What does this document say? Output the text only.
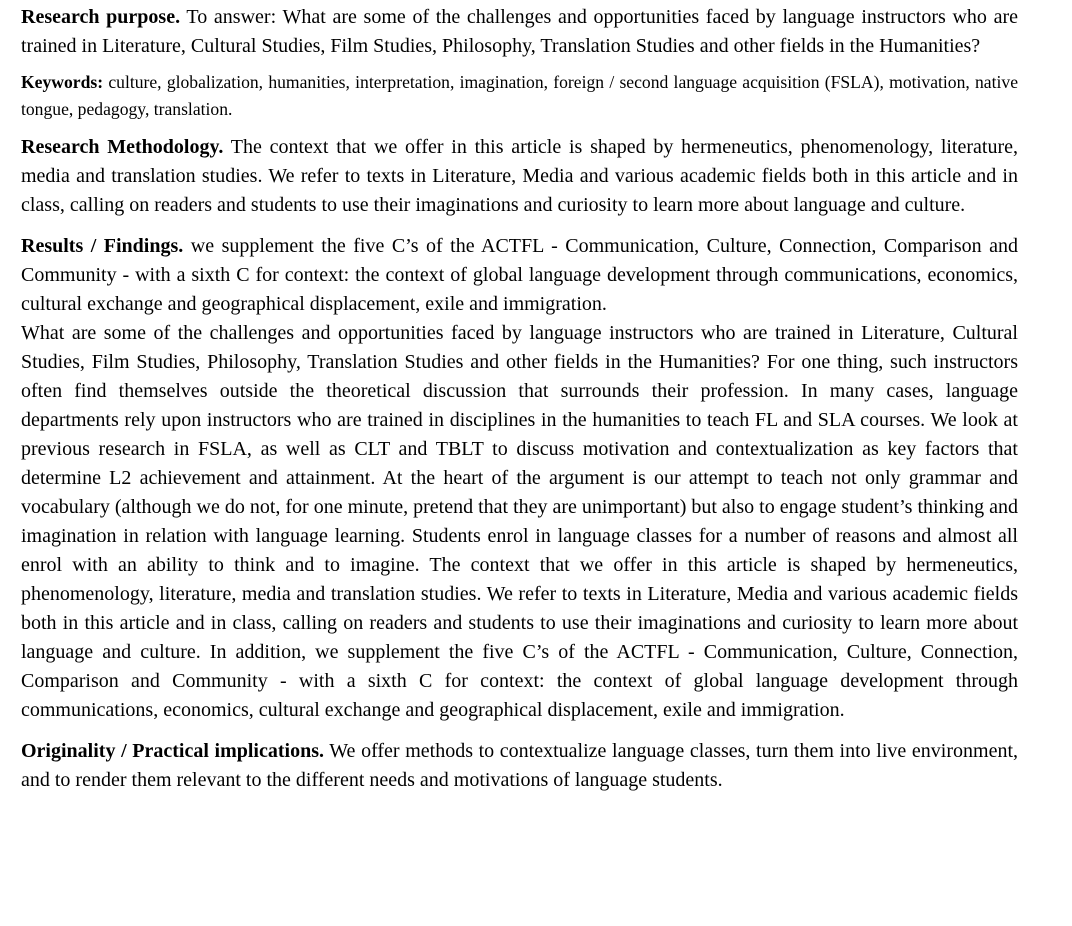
Research purpose. To answer: What are some of the challenges and opportunities faced by language instructors who are trained in Literature, Cultural Studies, Film Studies, Philosophy, Translation Studies and other fields in the Humanities?

Keywords: culture, globalization, humanities, interpretation, imagination, foreign / second language acquisition (FSLA), motivation, native tongue, pedagogy, translation.

Research Methodology. The context that we offer in this article is shaped by hermeneutics, phenomenology, literature, media and translation studies. We refer to texts in Literature, Media and various academic fields both in this article and in class, calling on readers and students to use their imaginations and curiosity to learn more about language and culture.

Results / Findings. we supplement the five C’s of the ACTFL - Communication, Culture, Connection, Comparison and Community - with a sixth C for context: the context of global language development through communications, economics, cultural exchange and geographical displacement, exile and immigration.

What are some of the challenges and opportunities faced by language instructors who are trained in Literature, Cultural Studies, Film Studies, Philosophy, Translation Studies and other fields in the Humanities? For one thing, such instructors often find themselves outside the theoretical discussion that surrounds their profession. In many cases, language departments rely upon instructors who are trained in disciplines in the humanities to teach FL and SLA courses. We look at previous research in FSLA, as well as CLT and TBLT to discuss motivation and contextualization as key factors that determine L2 achievement and attainment. At the heart of the argument is our attempt to teach not only grammar and vocabulary (although we do not, for one minute, pretend that they are unimportant) but also to engage student’s thinking and imagination in relation with language learning. Students enrol in language classes for a number of reasons and almost all enrol with an ability to think and to imagine. The context that we offer in this article is shaped by hermeneutics, phenomenology, literature, media and translation studies. We refer to texts in Literature, Media and various academic fields both in this article and in class, calling on readers and students to use their imaginations and curiosity to learn more about language and culture. In addition, we supplement the five C’s of the ACTFL - Communication, Culture, Connection, Comparison and Community - with a sixth C for context: the context of global language development through communications, economics, cultural exchange and geographical displacement, exile and immigration.

Originality / Practical implications. We offer methods to contextualize language classes, turn them into live environment, and to render them relevant to the different needs and motivations of language students.
